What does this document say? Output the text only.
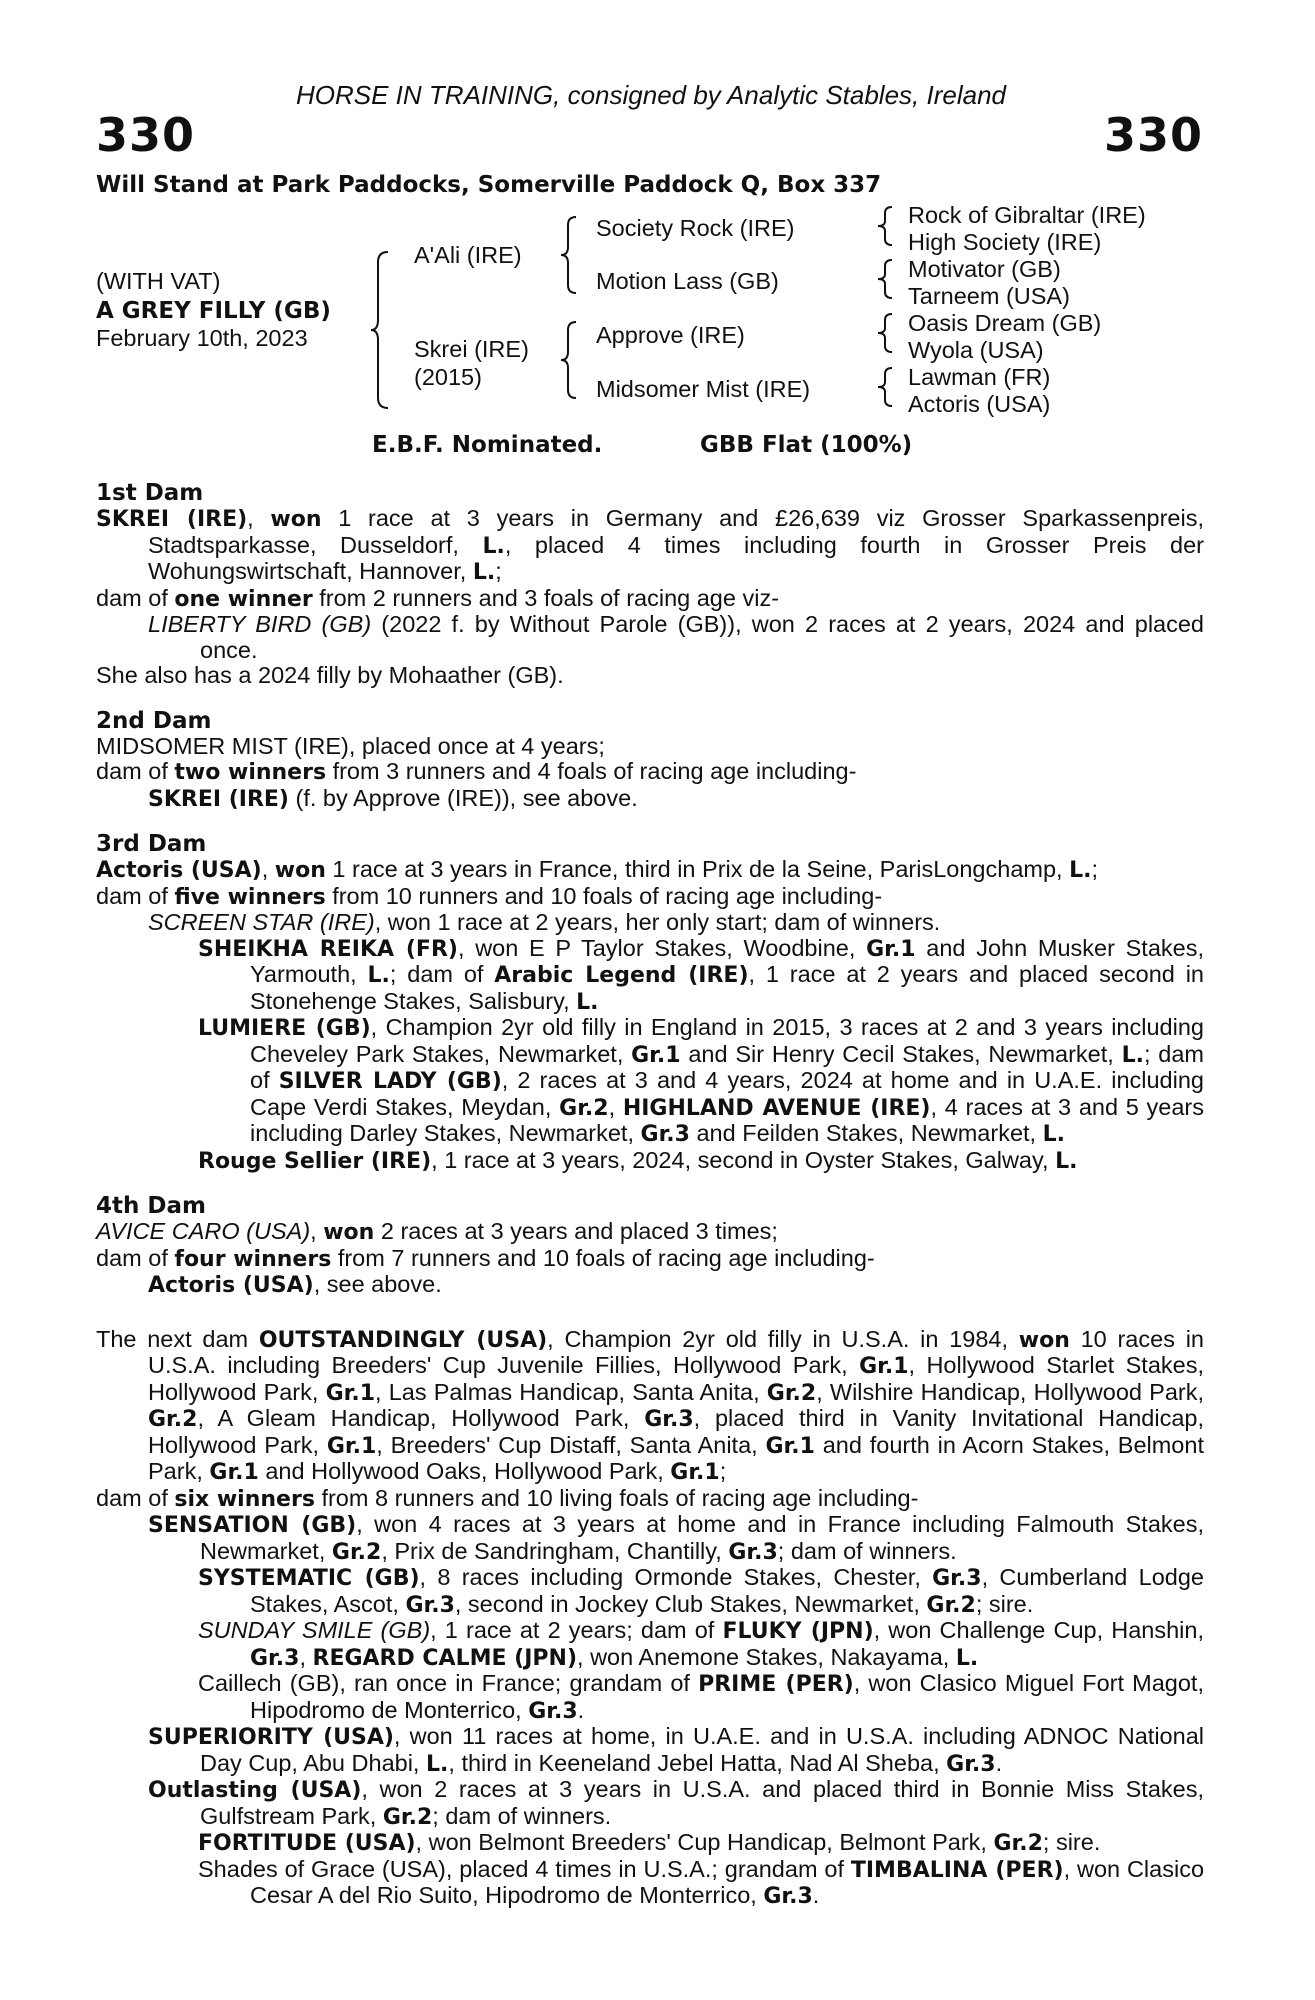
HORSE IN TRAINING, consigned by Analytic Stables, Ireland
330	330
Will Stand at Park Paddocks, Somerville Paddock Q, Box 337
(WITH VAT)
A GREY FILLY (GB)
February 10th, 2023
A'Ali (IRE)
Skrei (IRE)
(2015)
Society Rock (IRE)
Motion Lass (GB)
Approve (IRE)
Midsomer Mist (IRE)
Rock of Gibraltar (IRE)
High Society (IRE)
Motivator (GB)
Tarneem (USA)
Oasis Dream (GB)
Wyola (USA)
Lawman (FR)
Actoris (USA)
E.B.F. Nominated.	GBB Flat (100%)
1st Dam
SKREI (IRE), won 1 race at 3 years in Germany and £26,639 viz Grosser Sparkassenpreis, Stadtsparkasse, Dusseldorf, L., placed 4 times including fourth in Grosser Preis der Wohungswirtschaft, Hannover, L.;
dam of one winner from 2 runners and 3 foals of racing age viz-
LIBERTY BIRD (GB) (2022 f. by Without Parole (GB)), won 2 races at 2 years, 2024 and placed once.
She also has a 2024 filly by Mohaather (GB).
2nd Dam
MIDSOMER MIST (IRE), placed once at 4 years;
dam of two winners from 3 runners and 4 foals of racing age including-
SKREI (IRE) (f. by Approve (IRE)), see above.
3rd Dam
Actoris (USA), won 1 race at 3 years in France, third in Prix de la Seine, ParisLongchamp, L.;
dam of five winners from 10 runners and 10 foals of racing age including-
SCREEN STAR (IRE), won 1 race at 2 years, her only start; dam of winners.
SHEIKHA REIKA (FR), won E P Taylor Stakes, Woodbine, Gr.1 and John Musker Stakes, Yarmouth, L.; dam of Arabic Legend (IRE), 1 race at 2 years and placed second in Stonehenge Stakes, Salisbury, L.
LUMIERE (GB), Champion 2yr old filly in England in 2015, 3 races at 2 and 3 years including Cheveley Park Stakes, Newmarket, Gr.1 and Sir Henry Cecil Stakes, Newmarket, L.; dam of SILVER LADY (GB), 2 races at 3 and 4 years, 2024 at home and in U.A.E. including Cape Verdi Stakes, Meydan, Gr.2, HIGHLAND AVENUE (IRE), 4 races at 3 and 5 years including Darley Stakes, Newmarket, Gr.3 and Feilden Stakes, Newmarket, L.
Rouge Sellier (IRE), 1 race at 3 years, 2024, second in Oyster Stakes, Galway, L.
4th Dam
AVICE CARO (USA), won 2 races at 3 years and placed 3 times;
dam of four winners from 7 runners and 10 foals of racing age including-
Actoris (USA), see above.
The next dam OUTSTANDINGLY (USA), Champion 2yr old filly in U.S.A. in 1984, won 10 races in U.S.A. including Breeders' Cup Juvenile Fillies, Hollywood Park, Gr.1, Hollywood Starlet Stakes, Hollywood Park, Gr.1, Las Palmas Handicap, Santa Anita, Gr.2, Wilshire Handicap, Hollywood Park, Gr.2, A Gleam Handicap, Hollywood Park, Gr.3, placed third in Vanity Invitational Handicap, Hollywood Park, Gr.1, Breeders' Cup Distaff, Santa Anita, Gr.1 and fourth in Acorn Stakes, Belmont Park, Gr.1 and Hollywood Oaks, Hollywood Park, Gr.1;
dam of six winners from 8 runners and 10 living foals of racing age including-
SENSATION (GB), won 4 races at 3 years at home and in France including Falmouth Stakes, Newmarket, Gr.2, Prix de Sandringham, Chantilly, Gr.3; dam of winners.
SYSTEMATIC (GB), 8 races including Ormonde Stakes, Chester, Gr.3, Cumberland Lodge Stakes, Ascot, Gr.3, second in Jockey Club Stakes, Newmarket, Gr.2; sire.
SUNDAY SMILE (GB), 1 race at 2 years; dam of FLUKY (JPN), won Challenge Cup, Hanshin, Gr.3, REGARD CALME (JPN), won Anemone Stakes, Nakayama, L.
Caillech (GB), ran once in France; grandam of PRIME (PER), won Clasico Miguel Fort Magot, Hipodromo de Monterrico, Gr.3.
SUPERIORITY (USA), won 11 races at home, in U.A.E. and in U.S.A. including ADNOC National Day Cup, Abu Dhabi, L., third in Keeneland Jebel Hatta, Nad Al Sheba, Gr.3.
Outlasting (USA), won 2 races at 3 years in U.S.A. and placed third in Bonnie Miss Stakes, Gulfstream Park, Gr.2; dam of winners.
FORTITUDE (USA), won Belmont Breeders' Cup Handicap, Belmont Park, Gr.2; sire.
Shades of Grace (USA), placed 4 times in U.S.A.; grandam of TIMBALINA (PER), won Clasico Cesar A del Rio Suito, Hipodromo de Monterrico, Gr.3.
